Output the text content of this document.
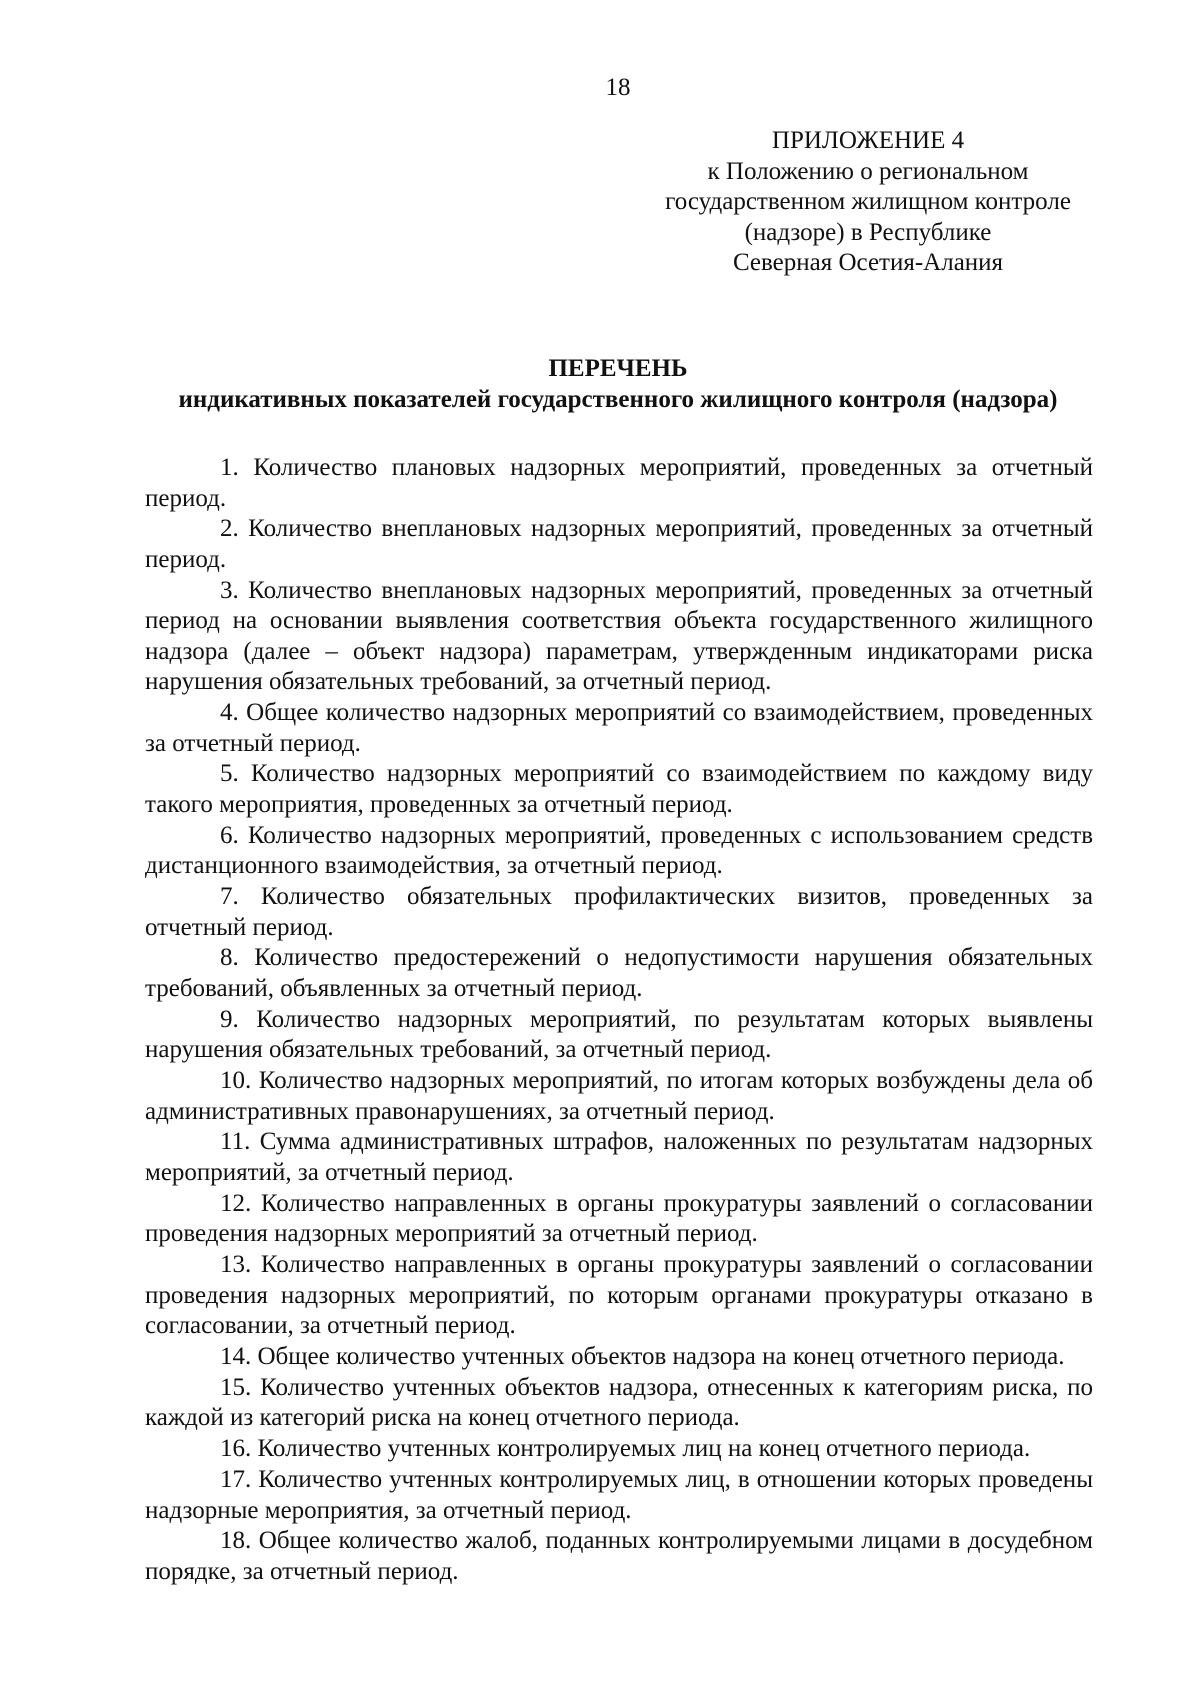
18
ПРИЛОЖЕНИЕ 4
к Положению о региональном
государственном жилищном контроле
(надзоре) в Республике
Северная Осетия-Алания
ПЕРЕЧЕНЬ
индикативных показателей государственного жилищного контроля (надзора)

1. Количество плановых надзорных мероприятий, проведенных за отчетный период.

2. Количество внеплановых надзорных мероприятий, проведенных за отчетный период.

3. Количество внеплановых надзорных мероприятий, проведенных за отчетный период на основании выявления соответствия объекта государственного жилищного надзора (далее – объект надзора) параметрам, утвержденным индикаторами риска нарушения обязательных требований, за отчетный период.

4. Общее количество надзорных мероприятий со взаимодействием, проведенных за отчетный период.

5. Количество надзорных мероприятий со взаимодействием по каждому виду такого мероприятия, проведенных за отчетный период.

6. Количество надзорных мероприятий, проведенных с использованием средств дистанционного взаимодействия, за отчетный период.

7. Количество обязательных профилактических визитов, проведенных за отчетный период.

8. Количество предостережений о недопустимости нарушения обязательных требований, объявленных за отчетный период.

9. Количество надзорных мероприятий, по результатам которых выявлены нарушения обязательных требований, за отчетный период.

10. Количество надзорных мероприятий, по итогам которых возбуждены дела об административных правонарушениях, за отчетный период.

11. Сумма административных штрафов, наложенных по результатам надзорных мероприятий, за отчетный период.

12. Количество направленных в органы прокуратуры заявлений о согласовании проведения надзорных мероприятий за отчетный период.

13. Количество направленных в органы прокуратуры заявлений о согласовании проведения надзорных мероприятий, по которым органами прокуратуры отказано в согласовании, за отчетный период.

14. Общее количество учтенных объектов надзора на конец отчетного периода.

15. Количество учтенных объектов надзора, отнесенных к категориям риска, по каждой из категорий риска на конец отчетного периода.

16. Количество учтенных контролируемых лиц на конец отчетного периода.

17. Количество учтенных контролируемых лиц, в отношении которых проведены надзорные мероприятия, за отчетный период.

18. Общее количество жалоб, поданных контролируемыми лицами в досудебном порядке, за отчетный период.
